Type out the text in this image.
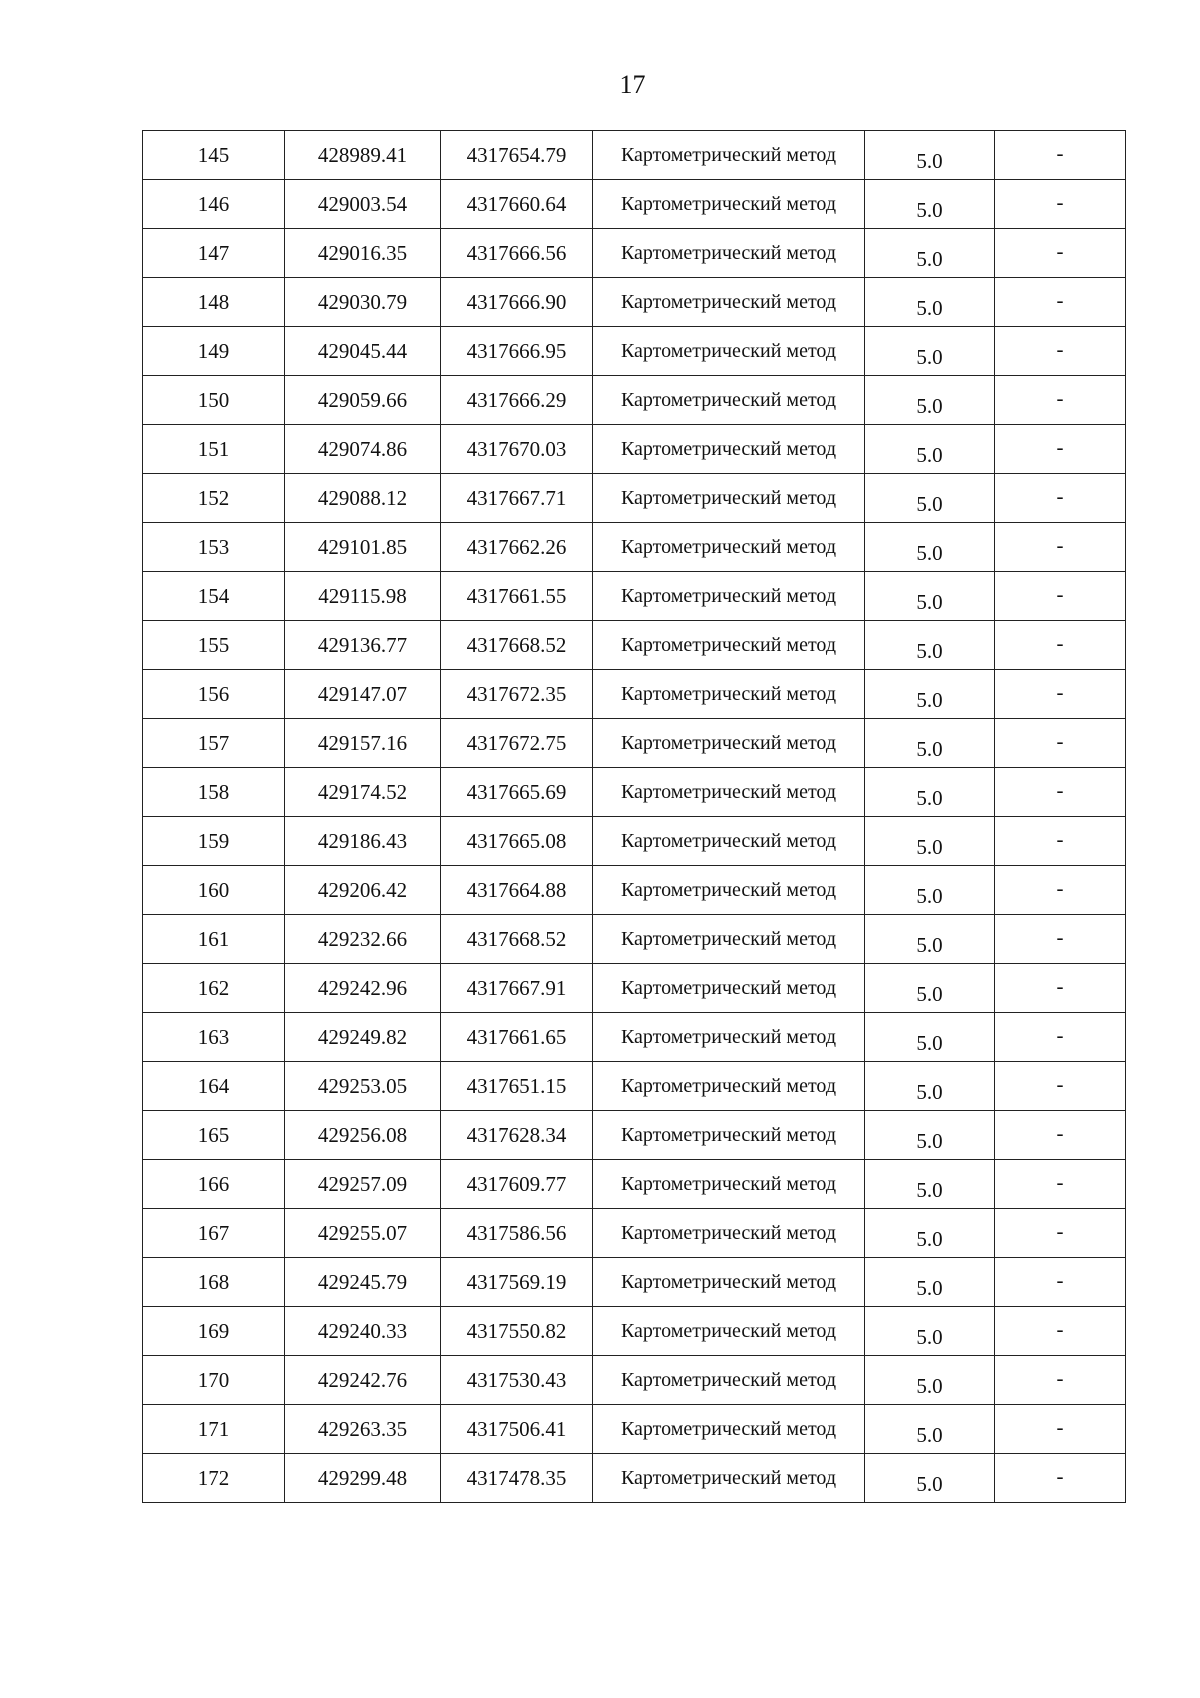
17
145	428989.41	4317654.79	Картометрический метод	5.0	-
146	429003.54	4317660.64	Картометрический метод	5.0	-
147	429016.35	4317666.56	Картометрический метод	5.0	-
148	429030.79	4317666.90	Картометрический метод	5.0	-
149	429045.44	4317666.95	Картометрический метод	5.0	-
150	429059.66	4317666.29	Картометрический метод	5.0	-
151	429074.86	4317670.03	Картометрический метод	5.0	-
152	429088.12	4317667.71	Картометрический метод	5.0	-
153	429101.85	4317662.26	Картометрический метод	5.0	-
154	429115.98	4317661.55	Картометрический метод	5.0	-
155	429136.77	4317668.52	Картометрический метод	5.0	-
156	429147.07	4317672.35	Картометрический метод	5.0	-
157	429157.16	4317672.75	Картометрический метод	5.0	-
158	429174.52	4317665.69	Картометрический метод	5.0	-
159	429186.43	4317665.08	Картометрический метод	5.0	-
160	429206.42	4317664.88	Картометрический метод	5.0	-
161	429232.66	4317668.52	Картометрический метод	5.0	-
162	429242.96	4317667.91	Картометрический метод	5.0	-
163	429249.82	4317661.65	Картометрический метод	5.0	-
164	429253.05	4317651.15	Картометрический метод	5.0	-
165	429256.08	4317628.34	Картометрический метод	5.0	-
166	429257.09	4317609.77	Картометрический метод	5.0	-
167	429255.07	4317586.56	Картометрический метод	5.0	-
168	429245.79	4317569.19	Картометрический метод	5.0	-
169	429240.33	4317550.82	Картометрический метод	5.0	-
170	429242.76	4317530.43	Картометрический метод	5.0	-
171	429263.35	4317506.41	Картометрический метод	5.0	-
172	429299.48	4317478.35	Картометрический метод	5.0	-
